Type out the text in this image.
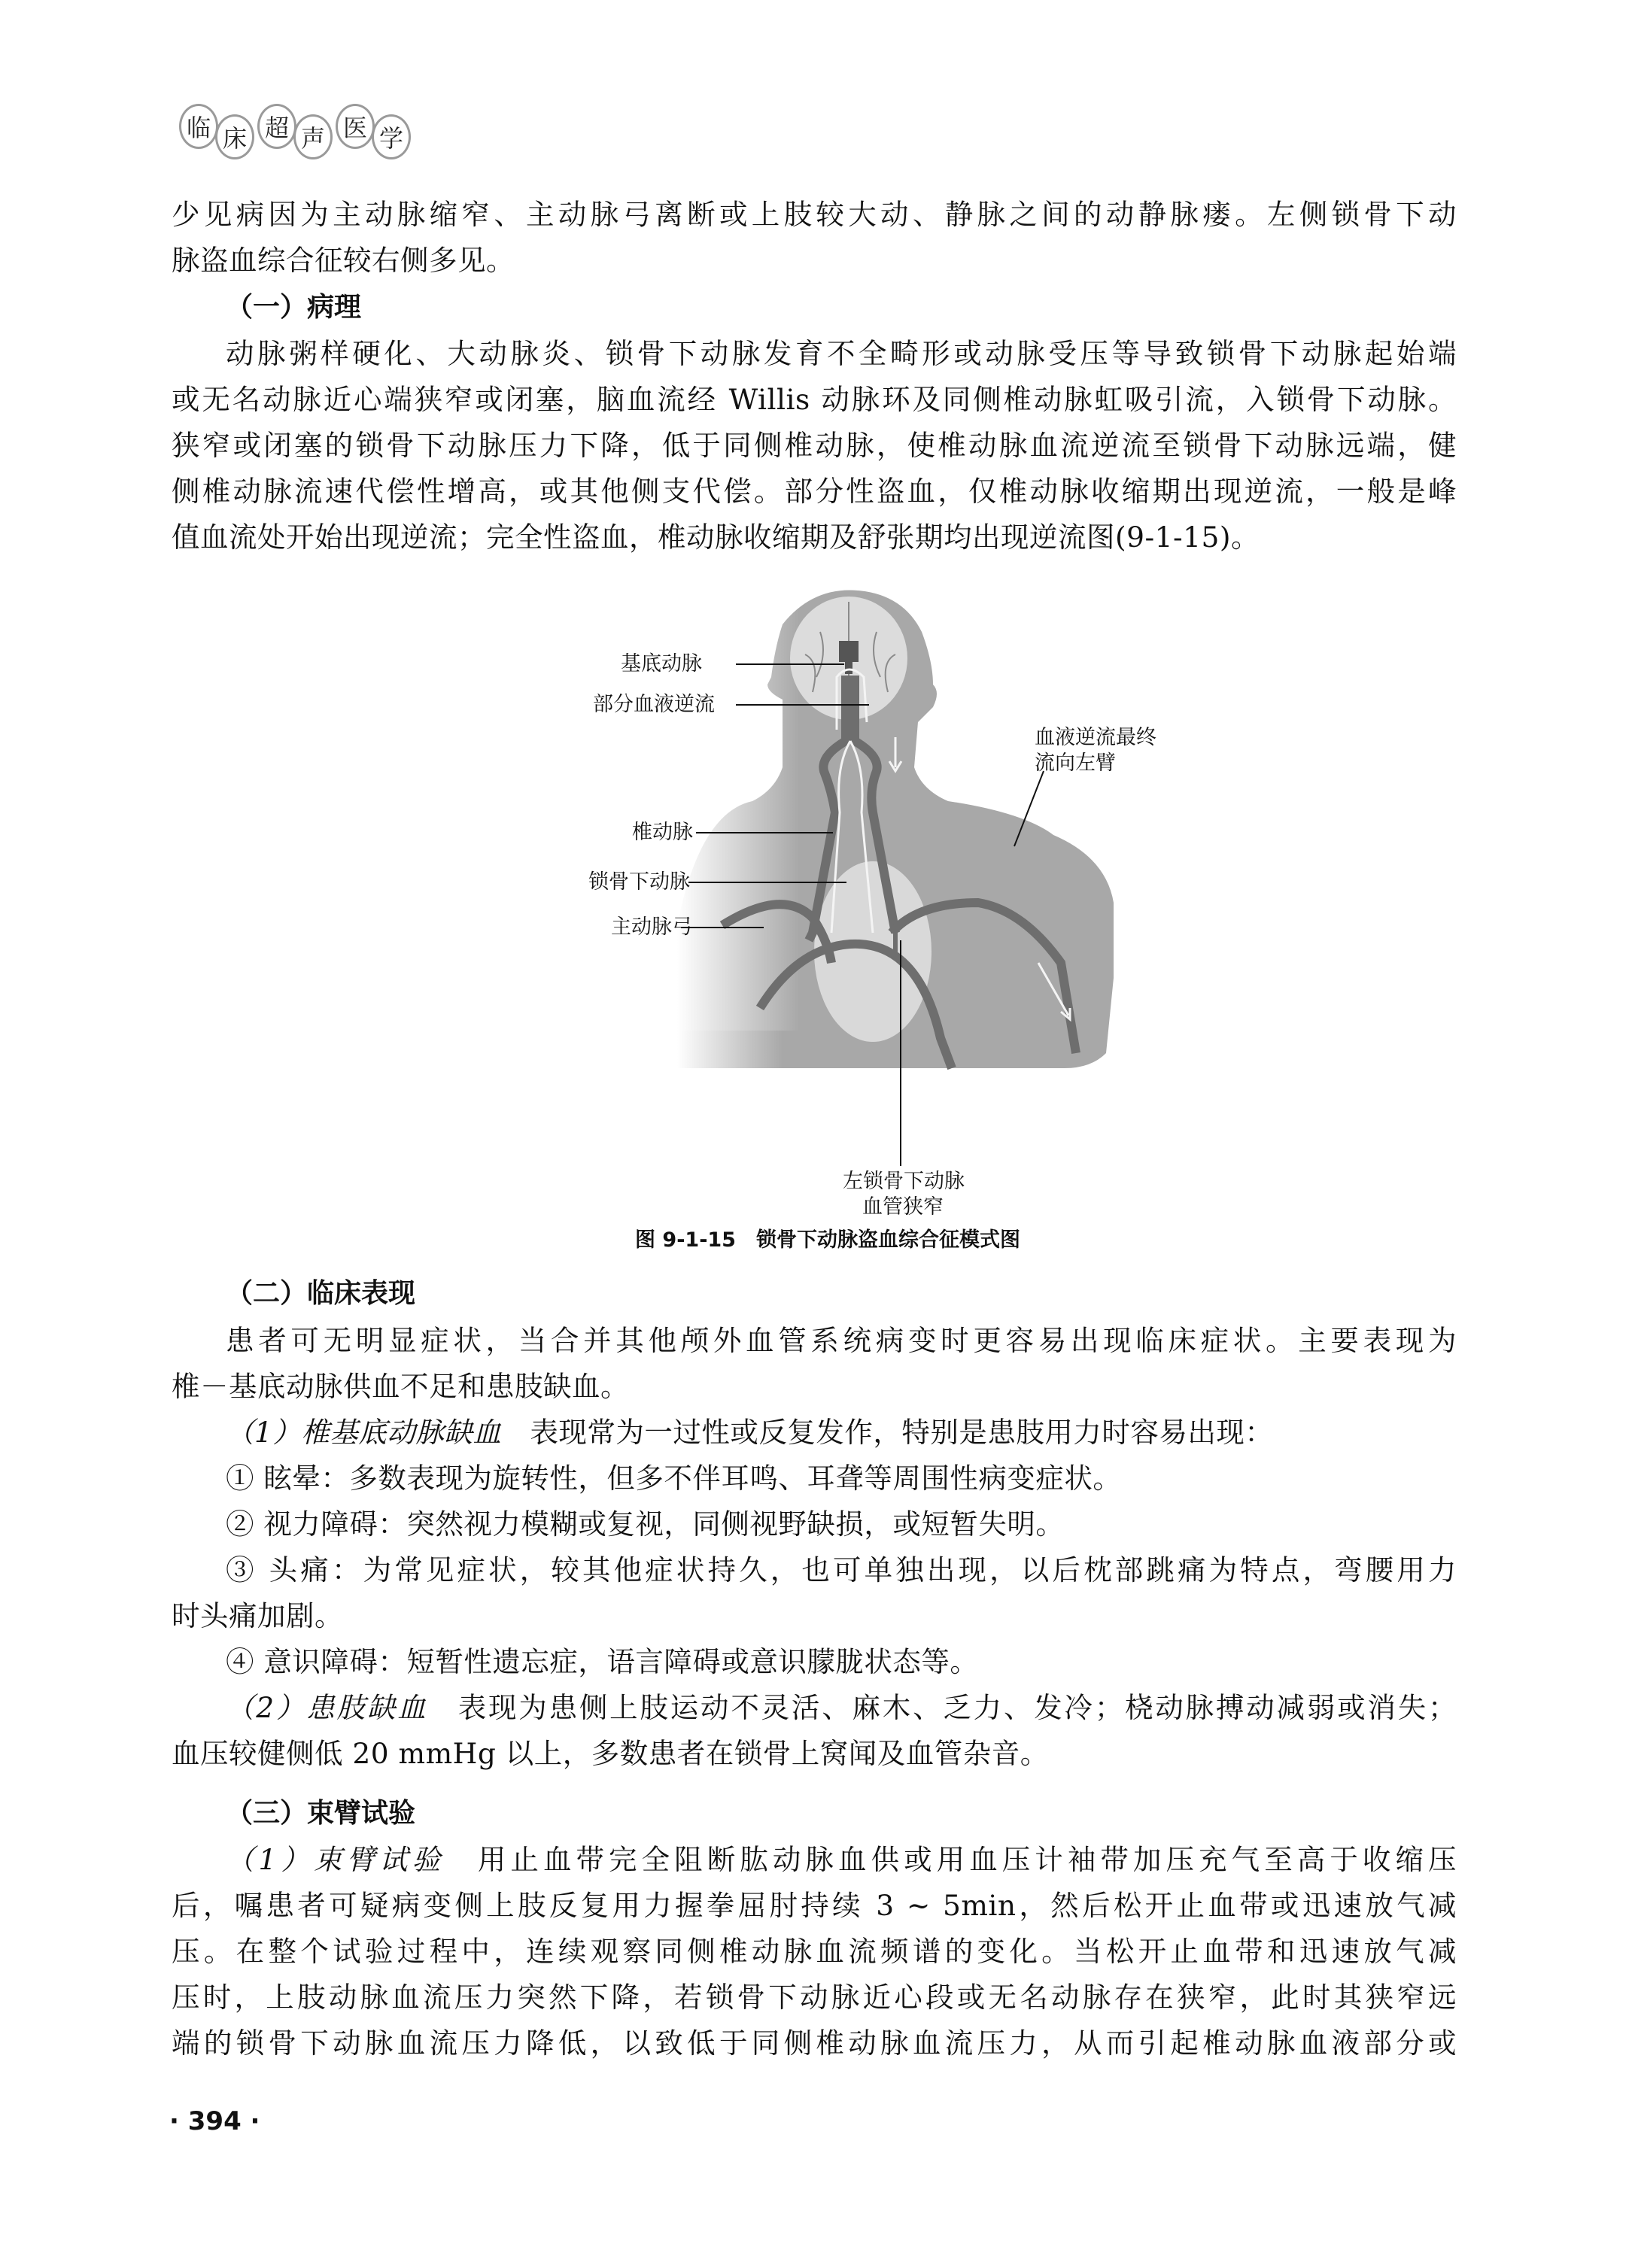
临 床 超 声 医 学
少见病因为主动脉缩窄、主动脉弓离断或上肢较大动、静脉之间的动静脉瘘。左侧锁骨下动
脉盗血综合征较右侧多见。
（一）病理
动脉粥样硬化、大动脉炎、锁骨下动脉发育不全畸形或动脉受压等导致锁骨下动脉起始端
或无名动脉近心端狭窄或闭塞，脑血流经 Willis 动脉环及同侧椎动脉虹吸引流，入锁骨下动脉。
狭窄或闭塞的锁骨下动脉压力下降，低于同侧椎动脉，使椎动脉血流逆流至锁骨下动脉远端，健
侧椎动脉流速代偿性增高，或其他侧支代偿。部分性盗血，仅椎动脉收缩期出现逆流，一般是峰
值血流处开始出现逆流；完全性盗血，椎动脉收缩期及舒张期均出现逆流图(9-1-15)。
基底动脉
部分血液逆流
血液逆流最终
流向左臂
椎动脉
锁骨下动脉
主动脉弓
左锁骨下动脉
血管狭窄
图 9-1-15　锁骨下动脉盗血综合征模式图
（二）临床表现
患者可无明显症状，当合并其他颅外血管系统病变时更容易出现临床症状。主要表现为
椎－基底动脉供血不足和患肢缺血。
（1）椎基底动脉缺血　 表现常为一过性或反复发作，特别是患肢用力时容易出现：
① 眩晕：多数表现为旋转性，但多不伴耳鸣、耳聋等周围性病变症状。
② 视力障碍：突然视力模糊或复视，同侧视野缺损，或短暂失明。
③ 头痛：为常见症状，较其他症状持久，也可单独出现，以后枕部跳痛为特点，弯腰用力
时头痛加剧。
④ 意识障碍：短暂性遗忘症，语言障碍或意识朦胧状态等。
（2）患肢缺血　 表现为患侧上肢运动不灵活、麻木、乏力、发冷；桡动脉搏动减弱或消失；
血压较健侧低 20 mmHg 以上，多数患者在锁骨上窝闻及血管杂音。
（三）束臂试验
（1）束臂试验　 用止血带完全阻断肱动脉血供或用血压计袖带加压充气至高于收缩压
后，嘱患者可疑病变侧上肢反复用力握拳屈肘持续 3 ~ 5min，然后松开止血带或迅速放气减
压。在整个试验过程中，连续观察同侧椎动脉血流频谱的变化。当松开止血带和迅速放气减
压时，上肢动脉血流压力突然下降，若锁骨下动脉近心段或无名动脉存在狭窄，此时其狭窄远
端的锁骨下动脉血流压力降低，以致低于同侧椎动脉血流压力，从而引起椎动脉血液部分或
· 394 ·
